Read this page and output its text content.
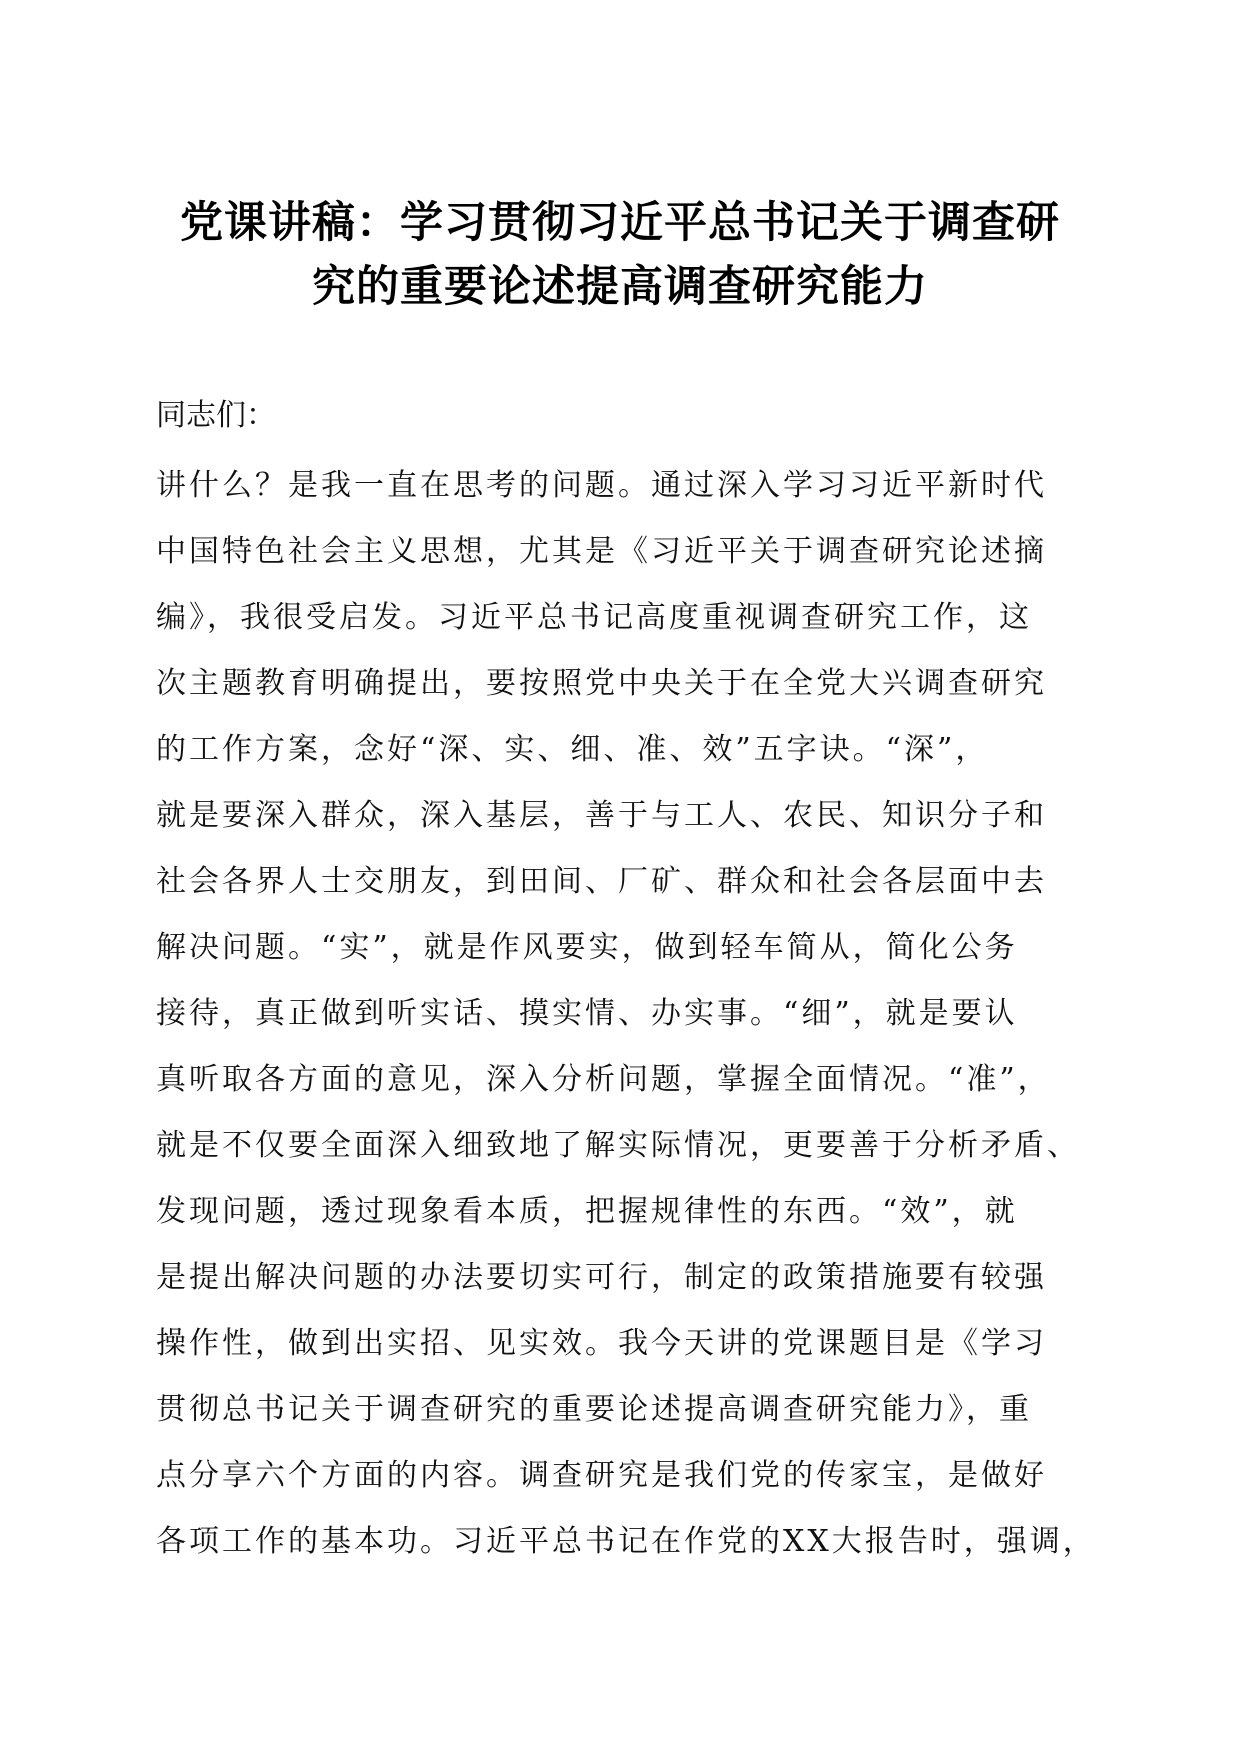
党课讲稿：学习贯彻习近平总书记关于调查研
究的重要论述提高调查研究能力

同志们：

讲什么？是我一直在思考的问题。通过深入学习习近平新时代
中国特色社会主义思想，尤其是《习近平关于调查研究论述摘
编》，我很受启发。习近平总书记高度重视调查研究工作，这
次主题教育明确提出，要按照党中央关于在全党大兴调查研究
的工作方案，念好“深、实、细、准、效”五字诀。“深”，
就是要深入群众，深入基层，善于与工人、农民、知识分子和
社会各界人士交朋友，到田间、厂矿、群众和社会各层面中去
解决问题。“实”，就是作风要实，做到轻车简从，简化公务
接待，真正做到听实话、摸实情、办实事。“细”，就是要认
真听取各方面的意见，深入分析问题，掌握全面情况。“准”，
就是不仅要全面深入细致地了解实际情况，更要善于分析矛盾、
发现问题，透过现象看本质，把握规律性的东西。“效”，就
是提出解决问题的办法要切实可行，制定的政策措施要有较强
操作性，做到出实招、见实效。我今天讲的党课题目是《学习
贯彻总书记关于调查研究的重要论述提高调查研究能力》，重
点分享六个方面的内容。调查研究是我们党的传家宝，是做好
各项工作的基本功。习近平总书记在作党的XX大报告时，强调，
